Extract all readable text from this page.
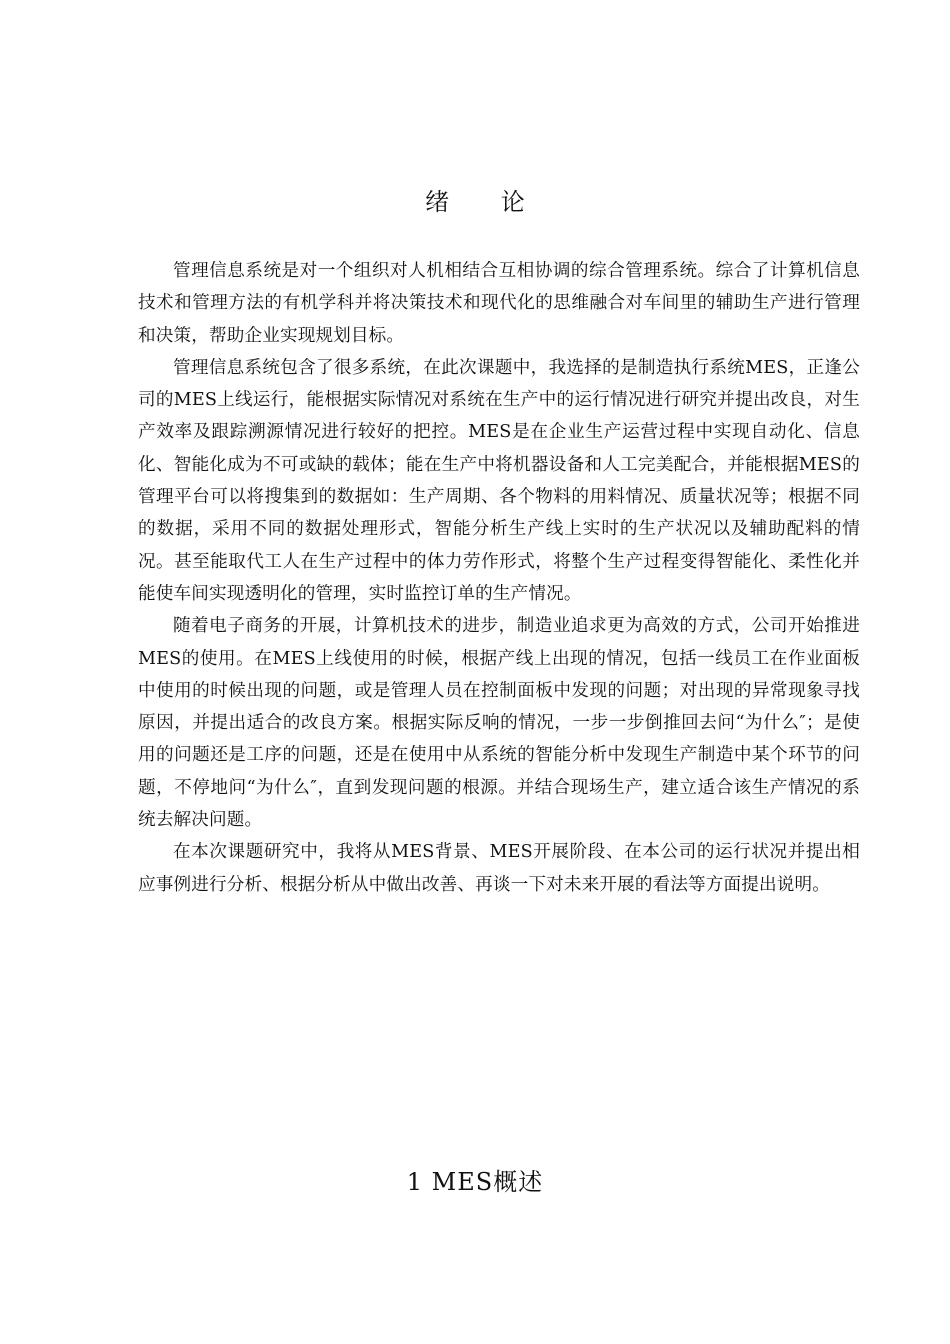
绪 论

管理信息系统是对一个组织对人机相结合互相协调的综合管理系统。综合了计算机信息技术和管理方法的有机学科并将决策技术和现代化的思维融合对车间里的辅助生产进行管理和决策，帮助企业实现规划目标。

管理信息系统包含了很多系统，在此次课题中，我选择的是制造执行系统MES，正逢公司的MES上线运行，能根据实际情况对系统在生产中的运行情况进行研究并提出改良，对生产效率及跟踪溯源情况进行较好的把控。MES是在企业生产运营过程中实现自动化、信息化、智能化成为不可或缺的载体；能在生产中将机器设备和人工完美配合，并能根据MES的管理平台可以将搜集到的数据如：生产周期、各个物料的用料情况、质量状况等；根据不同的数据，采用不同的数据处理形式，智能分析生产线上实时的生产状况以及辅助配料的情况。甚至能取代工人在生产过程中的体力劳作形式，将整个生产过程变得智能化、柔性化并能使车间实现透明化的管理，实时监控订单的生产情况。

随着电子商务的开展，计算机技术的进步，制造业追求更为高效的方式，公司开始推进MES的使用。在MES上线使用的时候，根据产线上出现的情况，包括一线员工在作业面板中使用的时候出现的问题，或是管理人员在控制面板中发现的问题；对出现的异常现象寻找原因，并提出适合的改良方案。根据实际反响的情况，一步一步倒推回去问“为什么″；是使用的问题还是工序的问题，还是在使用中从系统的智能分析中发现生产制造中某个环节的问题，不停地问“为什么″，直到发现问题的根源。并结合现场生产，建立适合该生产情况的系统去解决问题。

在本次课题研究中，我将从MES背景、MES开展阶段、在本公司的运行状况并提出相应事例进行分析、根据分析从中做出改善、再谈一下对未来开展的看法等方面提出说明。

1 MES概述
